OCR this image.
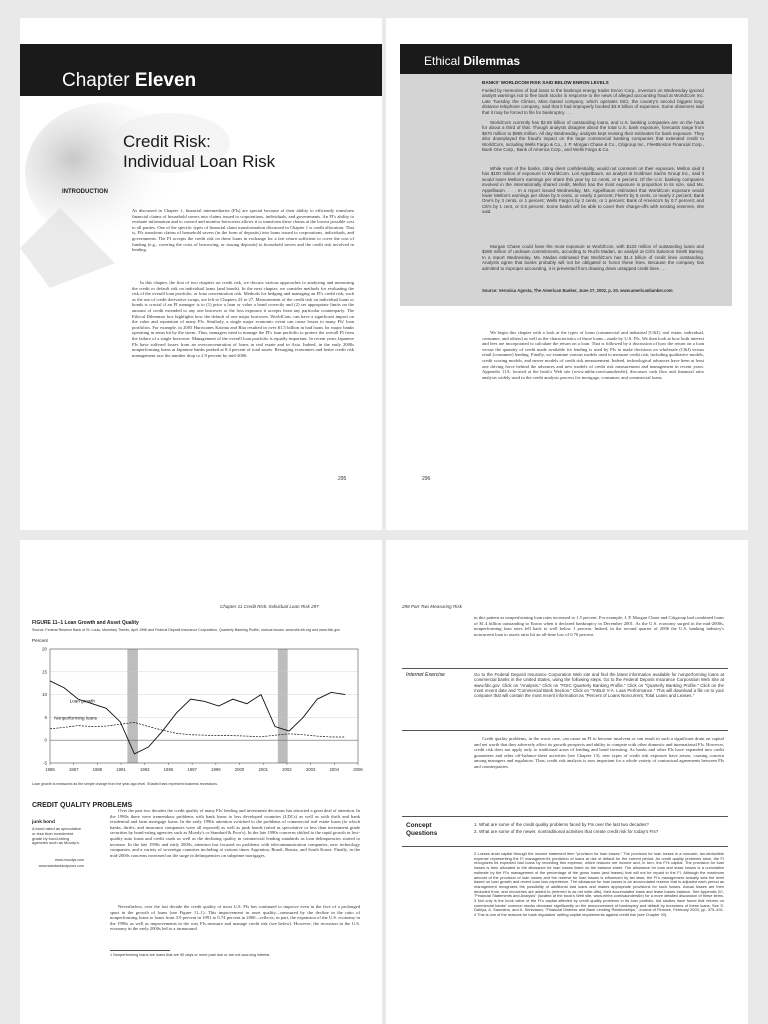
Chapter Eleven
Credit Risk:
Individual Loan Risk
INTRODUCTION
As discussed in Chapter 1, financial intermediaries (FIs) are special because of their ability to efficiently transform financial claims of household savers into claims issued to corporations, individuals, and governments. An FI's ability to evaluate information and to control and monitor borrowers allows it to transform these claims at the lowest possible cost to all parties. One of the specific types of financial claim transformation discussed in Chapter 1 is credit allocation. That is, FIs transform claims of household savers (in the form of deposits) into loans issued to corporations, individuals, and governments. The FI accepts the credit risk on these loans in exchange for a fair return sufficient to cover the cost of funding (e.g., covering the costs of borrowing, or issuing deposits) to household savers and the credit risk involved in lending.
In this chapter, the first of two chapters on credit risk, we discuss various approaches to analyzing and measuring the credit or default risk on individual loans (and bonds). In the next chapter, we consider methods for evaluating the risk of the overall loan portfolio, or loan concentration risk. Methods for hedging and managing an FI's credit risk, such as the use of credit derivative swaps, are left to Chapters 23 to 27. Measurement of the credit risk on individual loans or bonds is crucial if an FI manager is to (1) price a loan or value a bond correctly and (2) set appropriate limits on the amount of credit extended to any one borrower or the loss exposure it accepts from any particular counterparty. The Ethical Dilemmas box highlights how the default of one major borrower, WorldCom, can have a significant impact on the value and reputation of many FIs. Similarly, a single major economic event can cause losses to many FIs' loan portfolios. For example, in 2005 Hurricanes Katrina and Rita resulted in over $1.5 billion in bad loans for major banks operating in areas hit by the storm. Thus, managers need to manage the FI's loan portfolio to protect the overall FI from the failure of a single borrower. Management of the overall loan portfolio is equally important. In recent years Japanese FIs have suffered losses from an overconcentration of loans in real estate and in Asia. Indeed, in the early 2000s nonperforming loans at Japanese banks peaked at 8.4 percent of total assets. Resurging economies and better credit risk management saw the number drop to 2.9 percent by mid-2006.
295
Ethical Dilemmas
BANKS' WORLDCOM RISK SAID BELOW ENRON LEVELS
Fueled by memories of bad loans to the bankrupt energy trader Enron Corp., investors on Wednesday ignored analyst warnings not to flee bank stocks in response to the news of alleged accounting fraud at WorldCom Inc. Late Tuesday the Clinton, Miss.-based company, which operates MCI, the country's second biggest long-distance telephone company, said that it had improperly booked $3.9 billion of expenses. Some observers said that it may be forced to file for bankruptcy . . .
WorldCom currently has $2.65 billion of outstanding loans, and U.S. banking companies are on the hook for about a third of that. Though analysts disagree about the total U.S. bank exposure, forecasts range from $670 million to $955 million. All day Wednesday, analysts kept revising their estimates for bank exposure. They also downplayed the fraud's impact on the large commercial banking companies that extended credit to WorldCom, including Wells Fargo & Co., J. P. Morgan Chase & Co., Citigroup Inc., FleetBoston Financial Corp., Bank One Corp., Bank of America Corp., and Wells Fargo & Co.
While most of the banks, citing client confidentiality, would not comment on their exposure, Mellon said it has $100 million of exposure to WorldCom. Lori Appelbaum, an analyst at Goldman Sachs Group Inc., said it would lower Mellon's earnings per share this year by 12 cents, or 6 percent. Of the U.S. banking companies involved in the internationally shared credit, Mellon has the most exposure in proportion to its size, said Ms. Appelbaum. . . . In a report issued Wednesday, Ms. Appelbaum estimated that WorldCom exposure would lower Mellon's earnings per share by 5 cents, or nearly 2 percent; Fleet's by 5 cents, or nearly 2 percent; Bank One's by 3 cents, or 1 percent; Wells Fargo's by 2 cents, or 1 percent; Bank of America's by 0.7 percent; and Citi's by 1 cent, or 0.5 percent. Some banks will be able to cover their charge-offs with existing reserves, she said.
Morgan Chase could have the most exposure to WorldCom, with $133 million of outstanding loans and $268 million of undrawn commitments, according to Ruchi Madan, an analyst at Citi's Salomon Smith Barney. In a report Wednesday, Ms. Madan estimated that WorldCom has $1.4 billion of credit lines outstanding. Analysts agree that banks probably will not be obligated to honor these lines. Because the company has admitted to improper accounting, it is prevented from drawing down untapped credit lines . . .
Source: Veronica Agosta, The American Banker, June 27, 2002, p. 20. www.americanbanker.com
We begin this chapter with a look at the types of loans (commercial and industrial [C&I], real estate, individual, consumer, and others) as well as the characteristics of those loans—made by U.S. FIs. We then look at how both interest and fees are incorporated to calculate the return on a loan. That is followed by a discussion of how the return on a loan versus the quantity of credit made available for lending is used by FIs to make decisions on wholesale (C&I) versus retail (consumer) lending. Finally, we examine various models used to measure credit risk, including qualitative models, credit scoring models, and newer models of credit risk measurement. Indeed, technological advances have been at least one driving force behind the advances and new models of credit risk measurement and management in recent years. Appendix 11A, located at the book's Web site (www.mhhe.com/saunders6e), discusses cash flow and financial ratio analysis widely used in the credit analysis process for mortgage, consumer, and commercial loans.
296
Chapter 11 Credit Risk: Individual Loan Risk 297
FIGURE 11–1 Loan Growth and Asset Quality
Source: Federal Reserve Bank of St. Louis, Monetary Trends, April 1996 and Federal Deposit Insurance Corporation, Quarterly Banking Profile, various issues. www.stls.frb.org and www.fdic.gov
Percent
20
15
10
5
0
-5
1985	1987	1989	1991	1993	1995	1997	1999	2000	2001	2002	2003	2004	2006
Loan growth
Nonperforming loans
Loan growth is measured as the simple change from the year-ago level. Shaded bars represent business recessions.
CREDIT QUALITY PROBLEMS
junk bond
A bond rated as speculative or less than investment grade by bond-rating agencies such as Moody's.
www.moodys.com
www.standardandpoors.com
Over the past two decades the credit quality of many FIs' lending and investment decisions has attracted a great deal of attention. In the 1980s there were tremendous problems with bank loans to less developed countries (LDCs) as well as with thrift and bank residential and farm mortgage loans. In the early 1990s attention switched to the problems of commercial real estate loans (to which banks, thrifts, and insurance companies were all exposed) as well as junk bonds (rated as speculative or less than investment grade securities by bond-rating agencies such as Moody's or Standard & Poor's). In the late 1990s concerns shifted to the rapid growth in low-quality auto loans and credit cards as well as the declining quality in commercial lending standards as loan delinquencies started to increase. In the late 1990s and early 2000s, attention has focused on problems with telecommunication companies, new technology companies, and a variety of sovereign countries including at various times Argentina, Brazil, Russia, and South Korea. Finally, in the mid-2000s concerns increased on the surge in delinquencies on subprime mortgages.
Nevertheless, over the last decade the credit quality of most U.S. FIs has continued to improve even in the face of a prolonged spurt in the growth of loans (see Figure 11–1). This improvement in asset quality—measured by the decline in the ratio of nonperforming loans to loans from 3.9 percent in 1991 to 0.74 percent in 2000—reflects, in part, the expansion of the U.S. economy in the 1990s as well as improvements in the way FIs measure and manage credit risk (see below). However, the recession in the U.S. economy in the early 2000s led to a turnaround
1 Nonperforming loans are loans that are 90 days or more past due or are not accruing interest.
298 Part Two Measuring Risk
in this pattern as nonperforming loan rates increased to 1.5 percent. For example, J. P. Morgan Chase and Citigroup had combined loans of $1.4 billion outstanding to Enron when it declared bankruptcy in December 2001. As the U.S. economy surged in the mid-2000s, nonperforming loan rates fell back to well below 1 percent. Indeed, in the second quarter of 2006 the U.S. banking industry's noncurrent loan to assets ratio hit an all-time low of 0.70 percent.
Internet Exercise	Go to the Federal Deposit Insurance Corporation Web site and find the latest information available for nonperforming loans at commercial banks in the United States, using the following steps. Go to the Federal Deposit Insurance Corporation Web Site at www.fdic.gov. Click on "Analysts." Click on "FDIC Quarterly Banking Profile." Click on "Quarterly Banking Profile." Click on the most recent date and "Commercial Bank Section." Click on "TABLE V-A. Loan Performance." This will download a file on to your computer that will contain the most recent information as "Percent of Loans Noncurrent, Total Loans and Leases."
Credit quality problems, in the worst case, can cause an FI to become insolvent or can result in such a significant drain on capital and net worth that they adversely affect its growth prospects and ability to compete with other domestic and international FIs. However, credit risk does not apply only to traditional areas of lending and bond investing. As banks and other FIs have expanded into credit guarantees and other off-balance-sheet activities (see Chapter 13), new types of credit risk exposure have arisen, causing concern among managers and regulators. Thus, credit risk analysis is now important for a whole variety of contractual agreements between FIs and counterparties.
Concept Questions
1. What are some of the credit quality problems faced by FIs over the last two decades?
2. What are some of the newer, nontraditional activities that create credit risk for today's FIs?
2 Losses drain capital through the income statement item "provision for loan losses." The provision for loan losses is a noncash, tax-deductible expense representing the FI management's prediction of loans at risk of default for the current period. As credit quality problems arise, the FI recognizes its expected bad loans by recording this expense, which reduces net income and, in turn, the FI's capital. The provision for loan losses is then allocated to the allowance for loan losses listed on the balance sheet. The allowance for loan and lease losses is a cumulative estimate by the FI's management of the percentage of the gross loans (and leases) that will not be repaid to the FI. Although the maximum amount of the provision of loan losses and the reserve for loan losses is influenced by tax laws, the FI's management actually sets the level based on loan growth and recent loan loss experience. The allowance for loan losses is an accumulated reserve that is adjusted each period as management recognizes the possibility of additional bad loans and makes appropriate provisions for such losses. Actual losses are then deducted from, and recoveries are added to (referred to as net write-offs), their accumulated loans and lease losses balance. See Appendix 2C, "Financial Statements and Analysis" (located at the book's Web site, www.mhhe.com/saunders6e) for a more detailed discussion of these items. 3 Not only is the book value of the FI's capital affected by credit quality problems in its loan portfolio, but studies have found that returns on commercial banks' common stocks decrease significantly on the announcement of bankruptcy and default by borrowers of these loans. See S. Dahiya, A. Saunders, and A. Srinivasan, "Financial Distress and Bank Lending Relationships," Journal of Finance, February 2003, pp. 375–401. 4 This is one of the reasons for bank regulators' setting capital requirements against credit risk (see Chapter 20).
